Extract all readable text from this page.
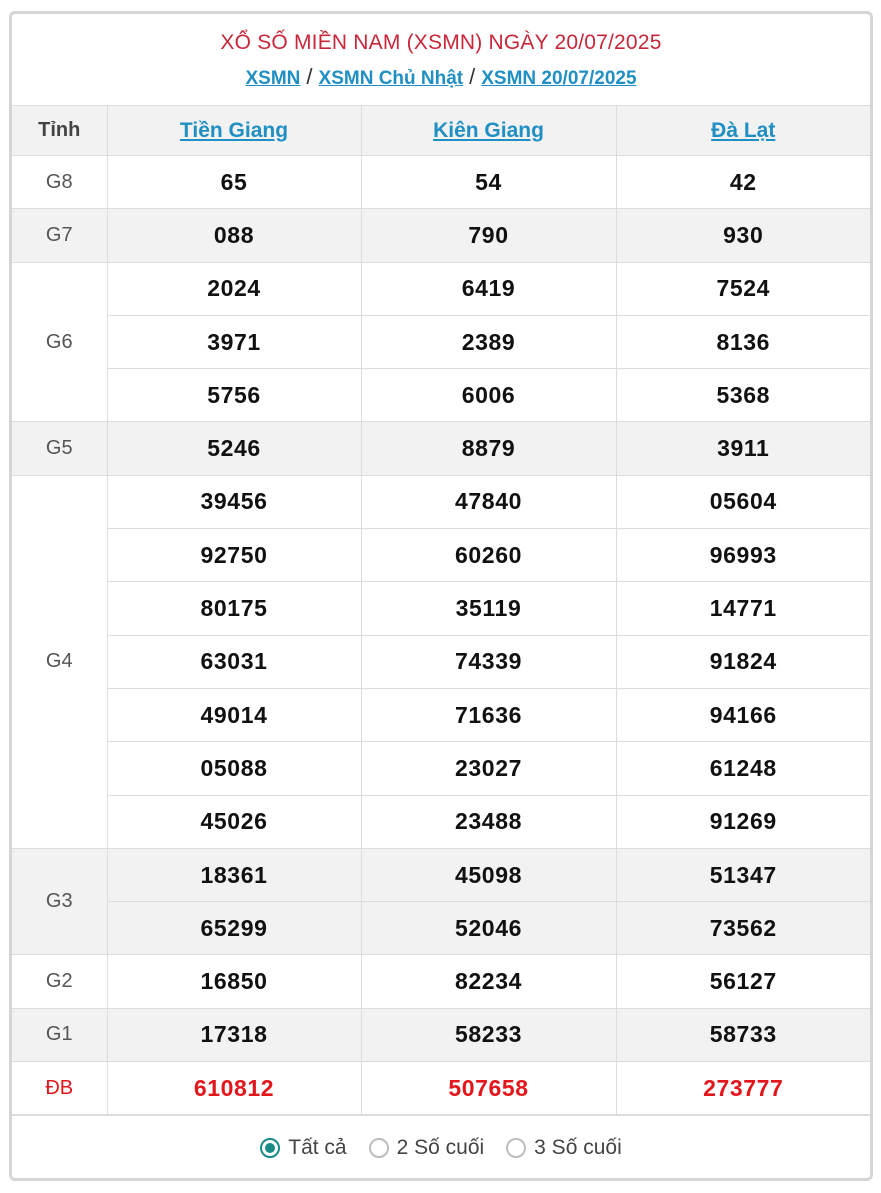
XỔ SỐ MIỀN NAM (XSMN) NGÀY 20/07/2025
XSMN / XSMN Chủ Nhật / XSMN 20/07/2025
Tỉnh	Tiền Giang	Kiên Giang	Đà Lạt
G8	65	54	42
G7	088	790	930
G6	2024	6419	7524
	3971	2389	8136
	5756	6006	5368
G5	5246	8879	3911
G4	39456	47840	05604
	92750	60260	96993
	80175	35119	14771
	63031	74339	91824
	49014	71636	94166
	05088	23027	61248
	45026	23488	91269
G3	18361	45098	51347
	65299	52046	73562
G2	16850	82234	56127
G1	17318	58233	58733
ĐB	610812	507658	273777
Tất cả 2 Số cuối 3 Số cuối
